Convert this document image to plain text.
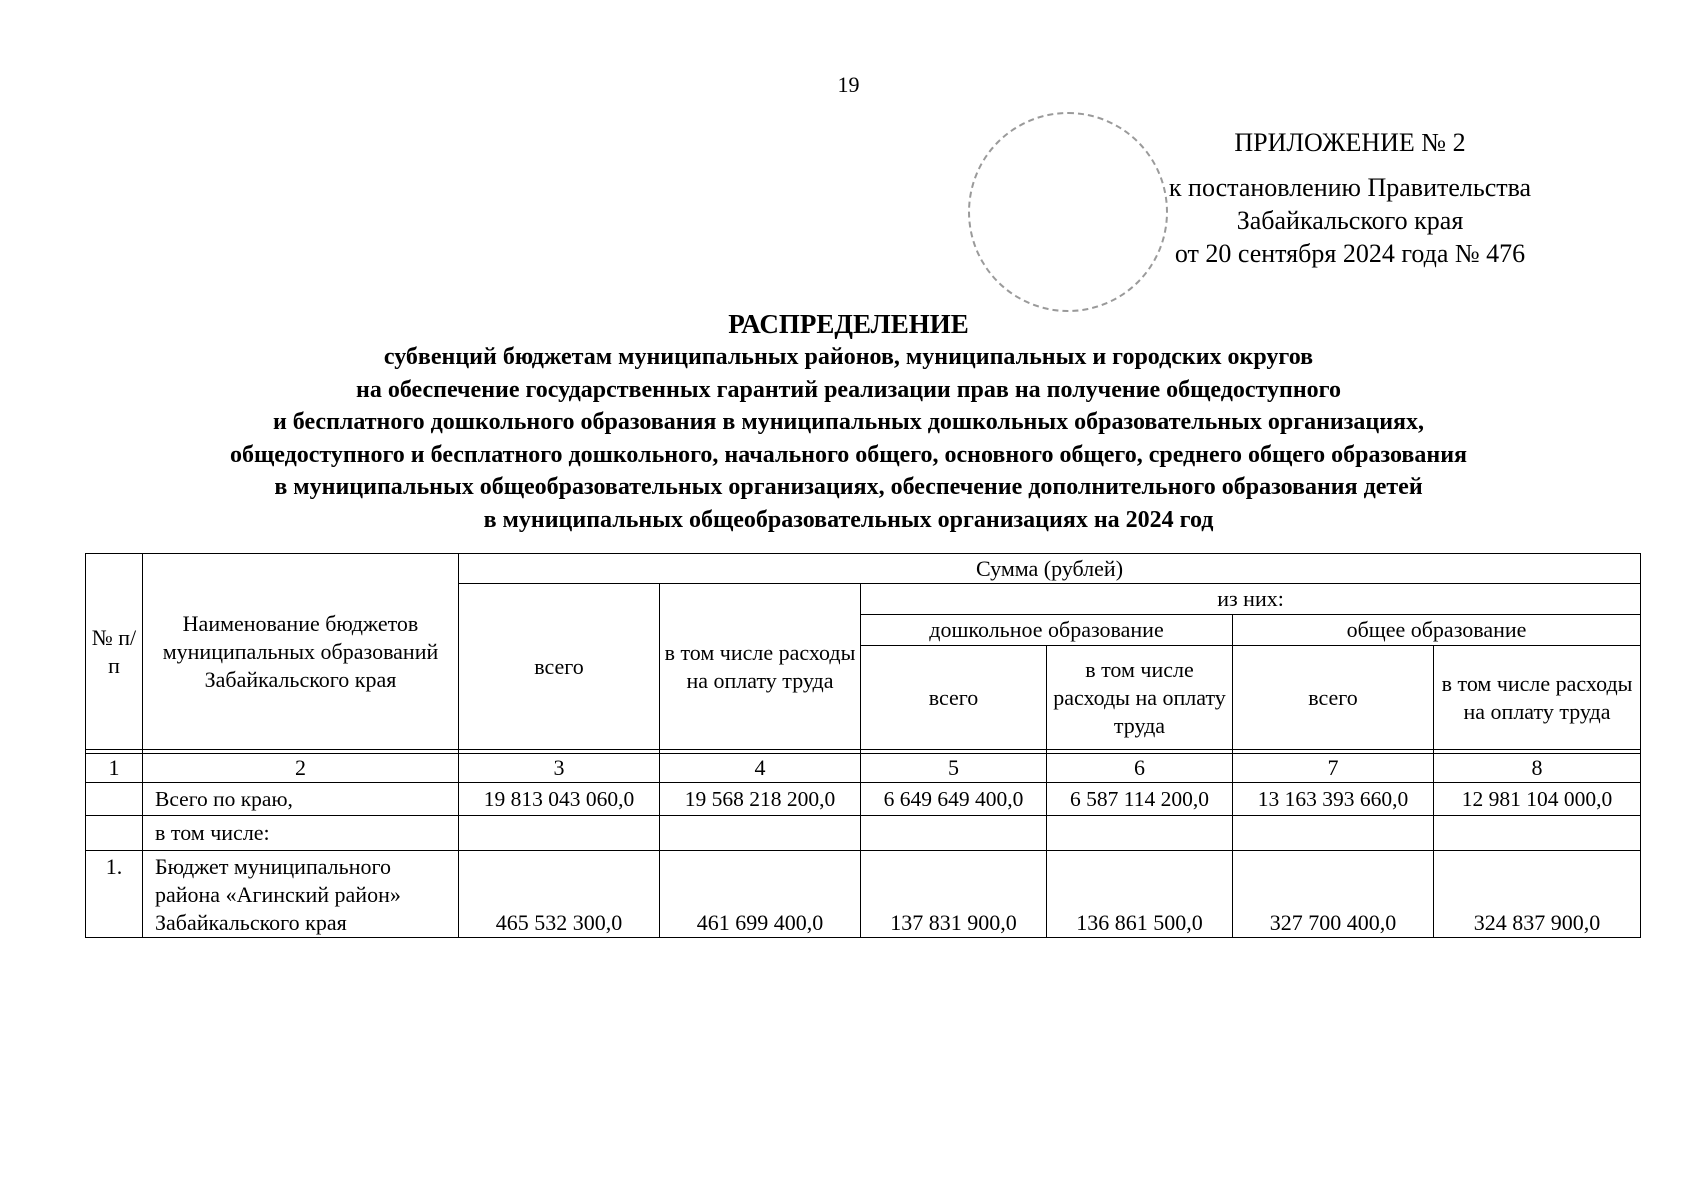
19
ПРИЛОЖЕНИЕ № 2
к постановлению Правительства
Забайкальского края
от 20 сентября 2024 года № 476
РАСПРЕДЕЛЕНИЕ
субвенций бюджетам муниципальных районов, муниципальных и городских округов
на обеспечение государственных гарантий реализации прав на получение общедоступного
и бесплатного дошкольного образования в муниципальных дошкольных образовательных организациях,
общедоступного и бесплатного дошкольного, начального общего, основного общего, среднего общего образования
в муниципальных общеобразовательных организациях, обеспечение дополнительного образования детей
в муниципальных общеобразовательных организациях на 2024 год
№ п/п	Наименование бюджетов муниципальных образований Забайкальского края	Сумма (рублей)					
		всего	в том числе расходы на оплату труда	из них:			
				дошкольное образование		общее образование	
				всего	в том числе расходы на оплату труда	всего	в том числе расходы на оплату труда

1	2	3	4	5	6	7	8
	Всего по краю,	19 813 043 060,0	19 568 218 200,0	6 649 649 400,0	6 587 114 200,0	13 163 393 660,0	12 981 104 000,0
	в том числе:						
1.	Бюджет муниципального района «Агинский район» Забайкальского края	465 532 300,0	461 699 400,0	137 831 900,0	136 861 500,0	327 700 400,0	324 837 900,0
